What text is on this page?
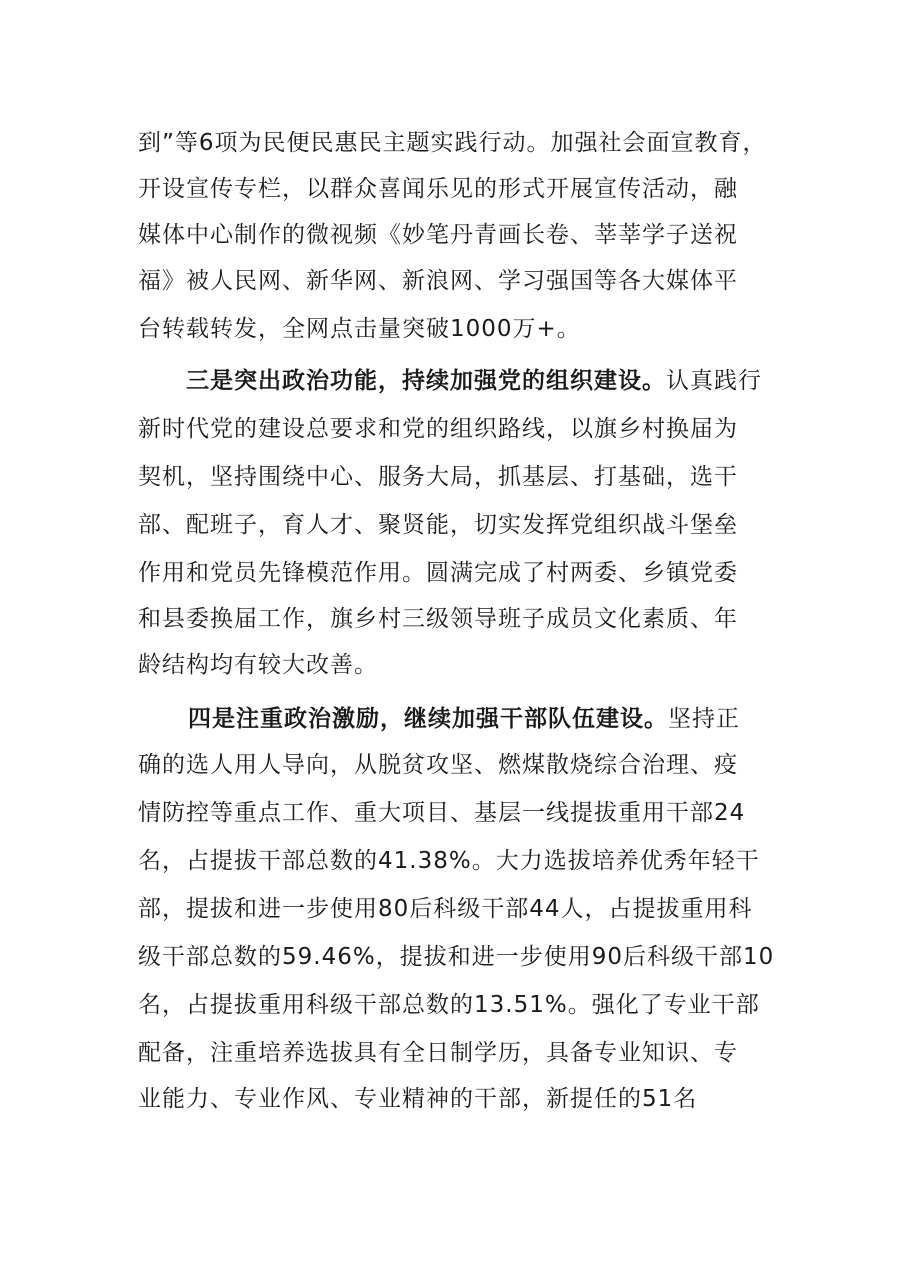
到”等6项为民便民惠民主题实践行动。加强社会面宣教育，
开设宣传专栏，以群众喜闻乐见的形式开展宣传活动，融
媒体中心制作的微视频《妙笔丹青画长卷、莘莘学子送祝
福》被人民网、新华网、新浪网、学习强国等各大媒体平
台转载转发，全网点击量突破1000万+。
三是突出政治功能，持续加强党的组织建设。认真践行
新时代党的建设总要求和党的组织路线，以旗乡村换届为
契机，坚持围绕中心、服务大局，抓基层、打基础，选干
部、配班子，育人才、聚贤能，切实发挥党组织战斗堡垒
作用和党员先锋模范作用。圆满完成了村两委、乡镇党委
和县委换届工作，旗乡村三级领导班子成员文化素质、年
龄结构均有较大改善。
四是注重政治激励，继续加强干部队伍建设。坚持正
确的选人用人导向，从脱贫攻坚、燃煤散烧综合治理、疫
情防控等重点工作、重大项目、基层一线提拔重用干部24
名，占提拔干部总数的41.38%。大力选拔培养优秀年轻干
部，提拔和进一步使用80后科级干部44人，占提拔重用科
级干部总数的59.46%，提拔和进一步使用90后科级干部10
名，占提拔重用科级干部总数的13.51%。强化了专业干部
配备，注重培养选拔具有全日制学历，具备专业知识、专
业能力、专业作风、专业精神的干部，新提任的51名
